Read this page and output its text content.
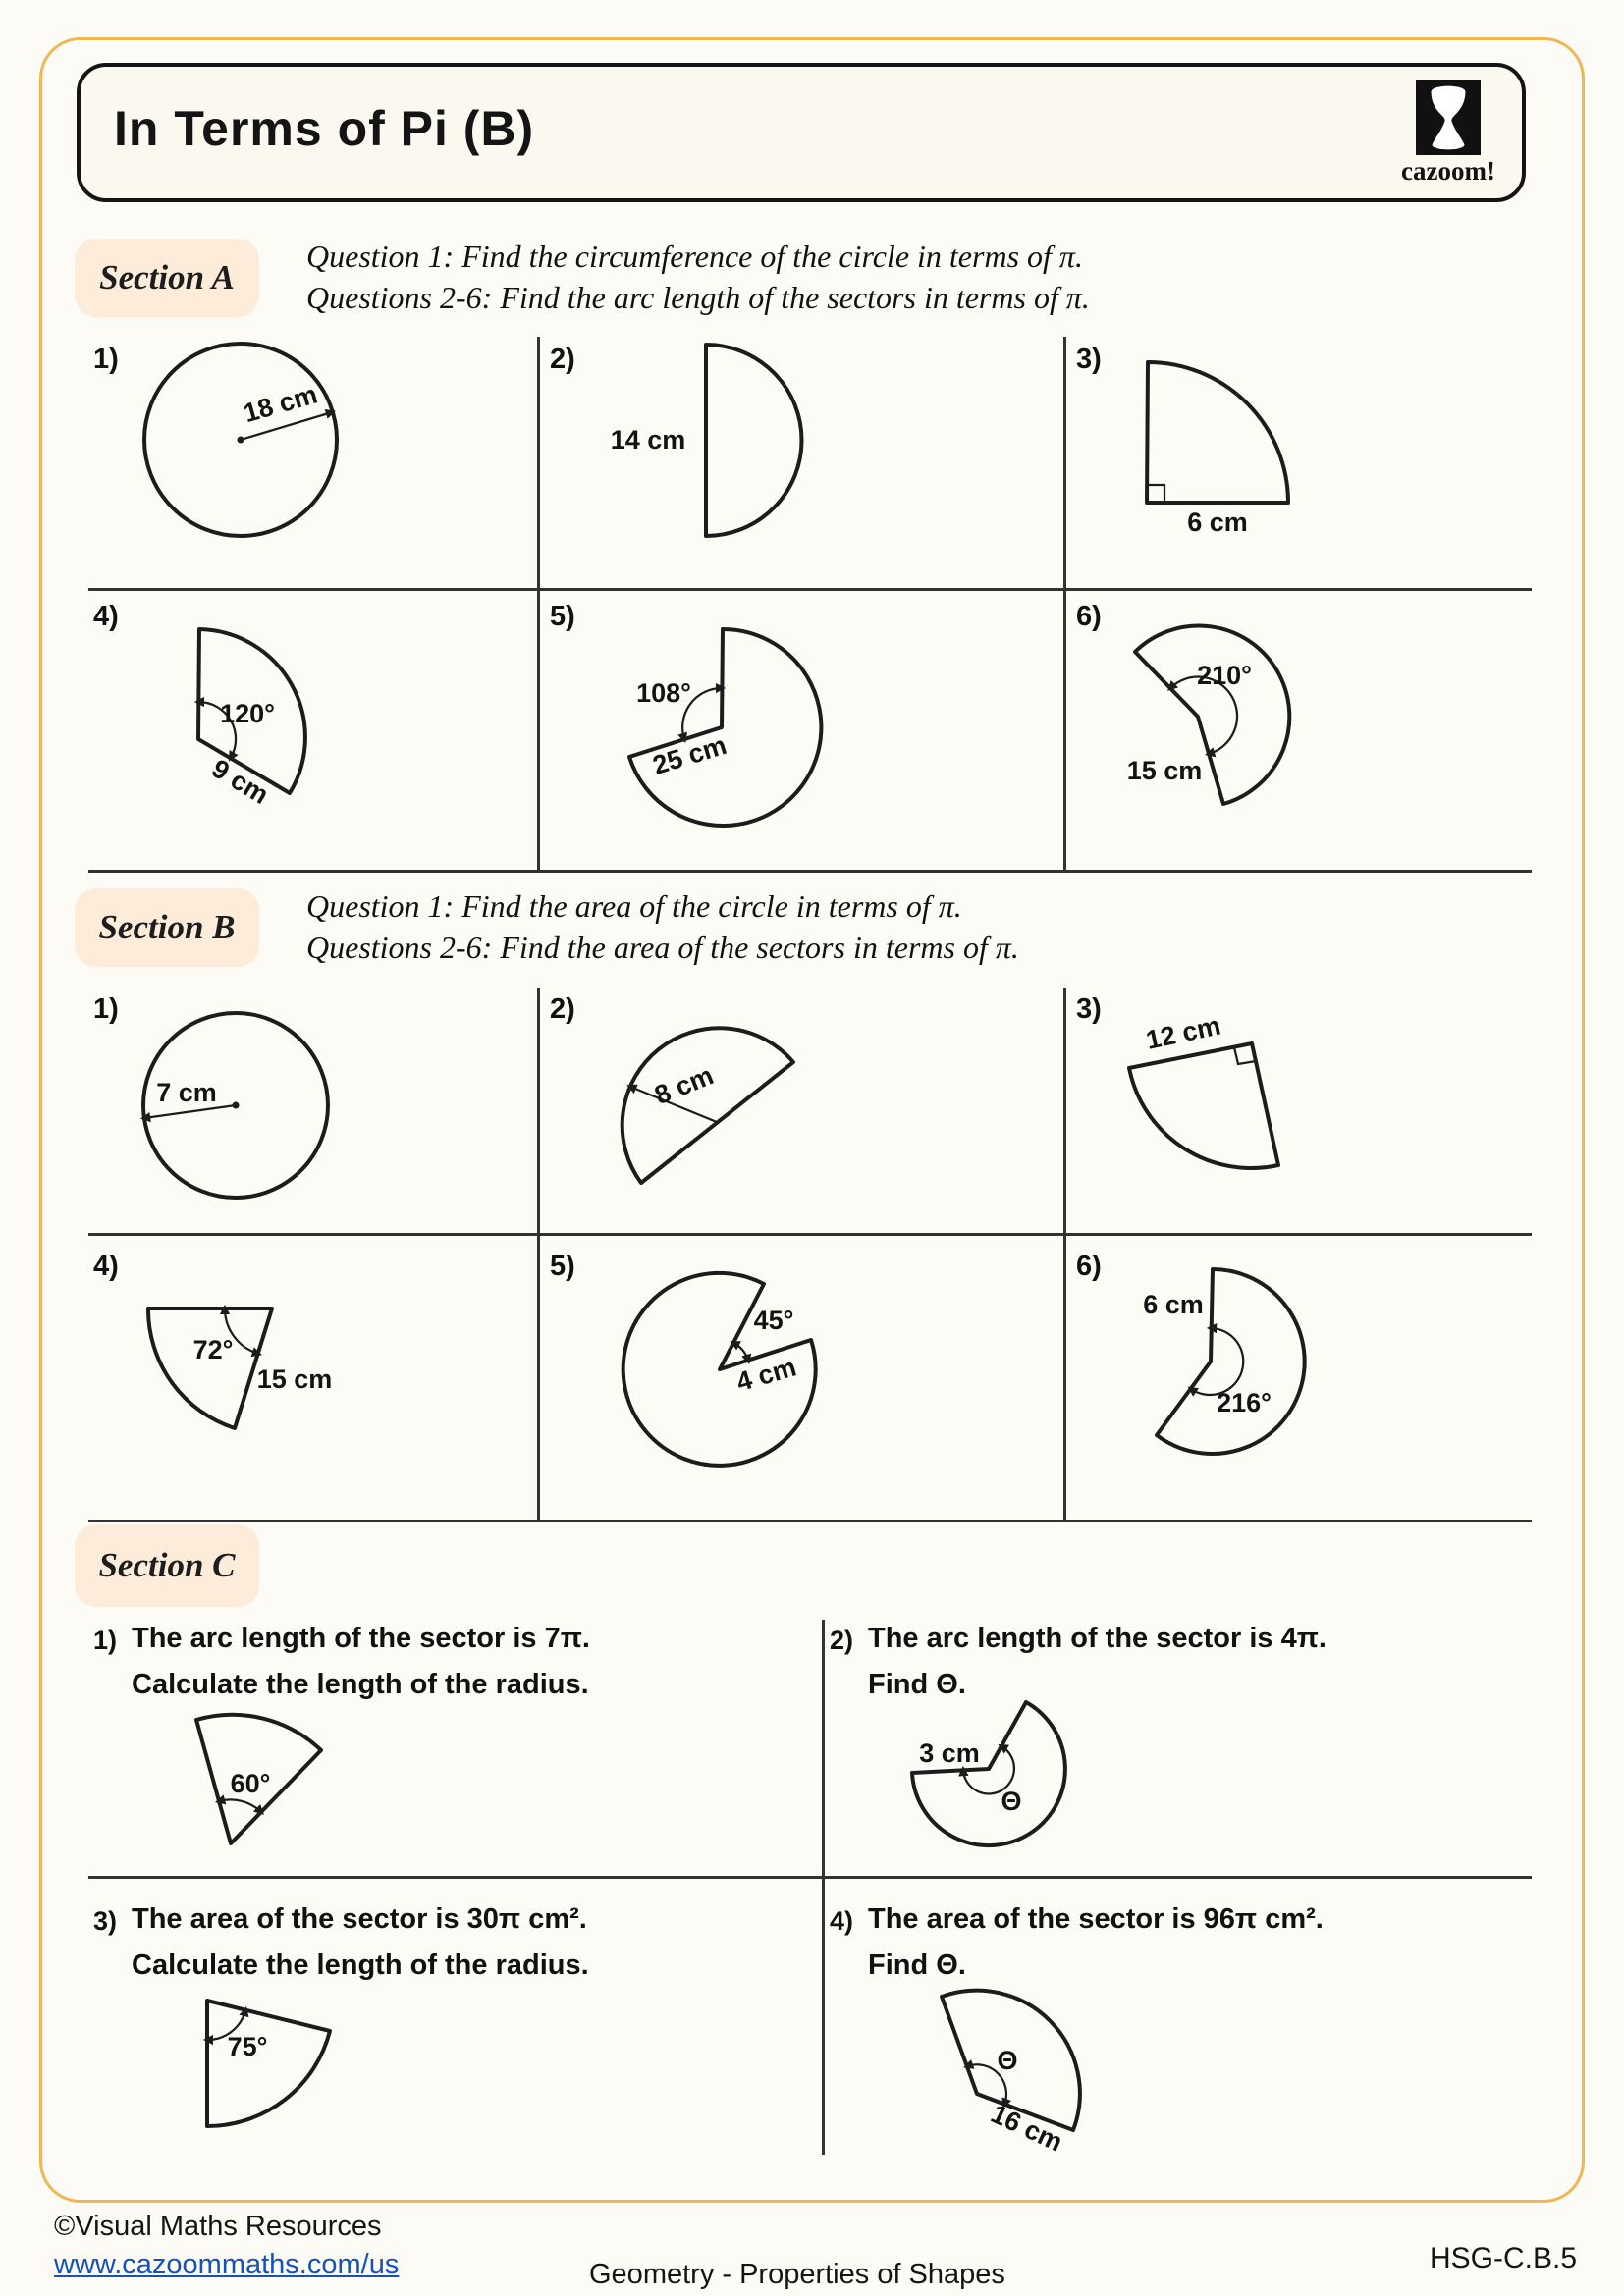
In Terms of Pi (B)
cazoom!
Section A
Question 1: Find the circumference of the circle in terms of π.
Questions 2-6: Find the arc length of the sectors in terms of π.
1)	2)	3)
4)	5)	6)
18 cm
14 cm
6 cm
120°
9 cm
108°
25 cm
210°
15 cm
Section B
Question 1: Find the area of the circle in terms of π.
Questions 2-6: Find the area of the sectors in terms of π.
1)	2)	3)
4)	5)	6)
7 cm	8 cm
12 cm
72°
15 cm
45°
4 cm
6 cm
216°
Section C
1) The arc length of the sector is 7π.
Calculate the length of the radius.
60°
2) The arc length of the sector is 4π.
Find Θ.
3 cm
Θ
3) The area of the sector is 30π cm².
Calculate the length of the radius.
75°
4) The area of the sector is 96π cm².
Find Θ.
Θ
16 cm
©Visual Maths Resources
www.cazoommaths.com/us	Geometry - Properties of Shapes	HSG-C.B.5
